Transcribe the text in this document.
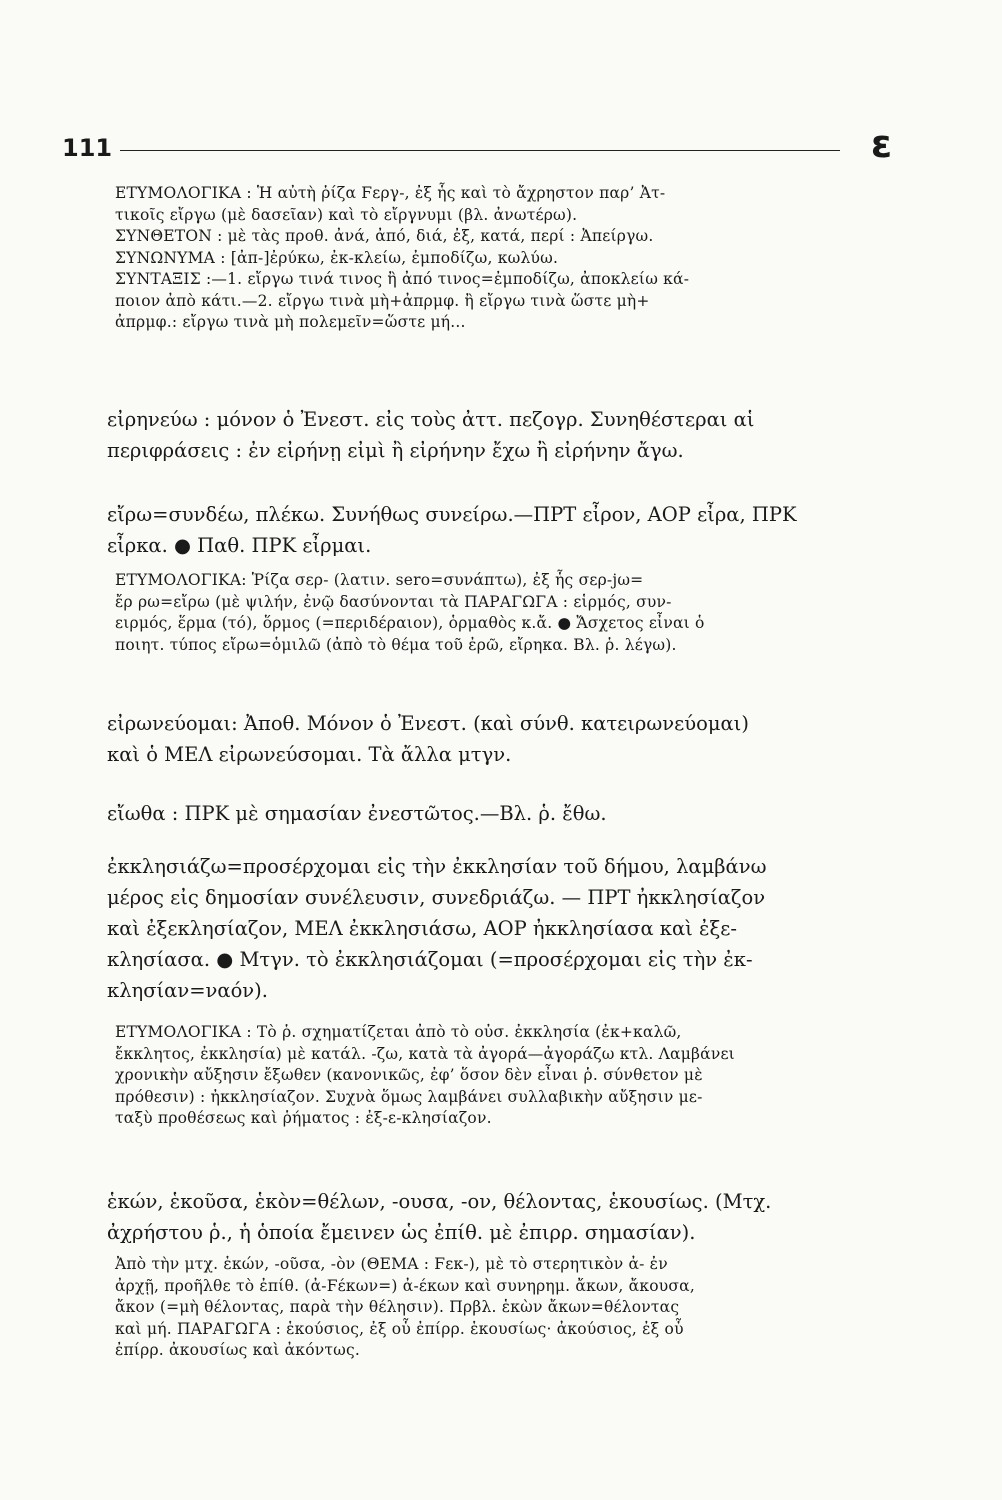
111	ε
ΕΤΥΜΟΛΟΓΙΚΑ : Ἡ αὐτὴ ῥίζα Ϝεργ-, ἐξ ἧς καὶ τὸ ἄχρηστον παρ’ Ἀτ-
τικοῖς εἴργω (μὲ δασεῖαν) καὶ τὸ εἴργνυμι (βλ. ἀνωτέρω).
ΣΥΝΘΕΤΟΝ : μὲ τὰς προθ. ἀνά, ἀπό, διά, ἐξ, κατά, περί : Ἀπείργω.
ΣΥΝΩΝΥΜΑ : [ἀπ-]ἐρύκω, ἐκ-κλείω, ἐμποδίζω, κωλύω.
ΣΥΝΤΑΞΙΣ :—1. εἴργω τινά τινος ἢ ἀπό τινος=ἐμποδίζω, ἀποκλείω κά-
ποιον ἀπὸ κάτι.—2. εἴργω τινὰ μὴ+ἀπρμφ. ἢ εἴργω τινὰ ὥστε μὴ+
ἀπρμφ.: εἴργω τινὰ μὴ πολεμεῖν=ὥστε μή...
εἰρηνεύω : μόνον ὁ Ἐνεστ. εἰς τοὺς ἀττ. πεζογρ. Συνηθέστεραι αἱ
περιφράσεις : ἐν εἰρήνῃ εἰμὶ ἢ εἰρήνην ἔχω ἢ εἰρήνην ἄγω.
εἴρω=συνδέω, πλέκω. Συνήθως συνείρω.—ΠΡΤ εἶρον, ΑΟΡ εἶρα, ΠΡΚ
εἶρκα. ● Παθ. ΠΡΚ εἶρμαι.
ΕΤΥΜΟΛΟΓΙΚΑ: Ῥίζα σερ- (λατιν. sero=συνάπτω), ἐξ ἧς σερ-ϳω=
ἔρ ρω=εἴρω (μὲ ψιλήν, ἐνῷ δασύνονται τὰ ΠΑΡΑΓΩΓΑ : εἱρμός, συν-
ειρμός, ἕρμα (τό), ὅρμος (=περιδέραιον), ὁρμαθὸς κ.ἄ. ● Ἄσχετος εἶναι ὁ
ποιητ. τύπος εἴρω=ὁμιλῶ (ἀπὸ τὸ θέμα τοῦ ἐρῶ, εἴρηκα. Βλ. ῥ. λέγω).
εἰρωνεύομαι: Ἀποθ. Μόνον ὁ Ἐνεστ. (καὶ σύνθ. κατειρωνεύομαι)
καὶ ὁ ΜΕΛ εἰρωνεύσομαι. Τὰ ἄλλα μτγν.
εἴωθα : ΠΡΚ μὲ σημασίαν ἐνεστῶτος.—Βλ. ῥ. ἔθω.
ἐκκλησιάζω=προσέρχομαι εἰς τὴν ἐκκλησίαν τοῦ δήμου, λαμβάνω
μέρος εἰς δημοσίαν συνέλευσιν, συνεδριάζω. — ΠΡΤ ἠκκλησίαζον
καὶ ἐξεκλησίαζον, ΜΕΛ ἐκκλησιάσω, ΑΟΡ ἠκκλησίασα καὶ ἐξε-
κλησίασα. ● Μτγν. τὸ ἐκκλησιάζομαι (=προσέρχομαι εἰς τὴν ἐκ-
κλησίαν=ναόν).
ΕΤΥΜΟΛΟΓΙΚΑ : Τὸ ῥ. σχηματίζεται ἀπὸ τὸ οὐσ. ἐκκλησία (ἐκ+καλῶ,
ἔκκλητος, ἐκκλησία) μὲ κατάλ. -ζω, κατὰ τὰ ἀγορά—ἀγοράζω κτλ. Λαμβάνει
χρονικὴν αὔξησιν ἔξωθεν (κανονικῶς, ἐφ’ ὅσον δὲν εἶναι ῥ. σύνθετον μὲ
πρόθεσιν) : ἠκκλησίαζον. Συχνὰ ὅμως λαμβάνει συλλαβικὴν αὔξησιν με-
ταξὺ προθέσεως καὶ ῥήματος : ἐξ-ε-κλησίαζον.
ἑκών, ἑκοῦσα, ἑκὸν=θέλων, -ουσα, -ον, θέλοντας, ἑκουσίως. (Μτχ.
ἀχρήστου ῥ., ἡ ὁποία ἔμεινεν ὡς ἐπίθ. μὲ ἐπιρρ. σημασίαν).
Ἀπὸ τὴν μτχ. ἑκών, -οῦσα, -ὸν (ΘΕΜΑ : Ϝεκ-), μὲ τὸ στερητικὸν ἀ- ἐν
ἀρχῇ, προῆλθε τὸ ἐπίθ. (ἀ-Ϝέκων=) ἀ-έκων καὶ συνηρημ. ἄκων, ἄκουσα,
ἄκον (=μὴ θέλοντας, παρὰ τὴν θέλησιν). Πρβλ. ἑκὼν ἄκων=θέλοντας
καὶ μή. ΠΑΡΑΓΩΓΑ : ἑκούσιος, ἐξ οὗ ἐπίρρ. ἑκουσίως· ἀκούσιος, ἐξ οὗ
ἐπίρρ. ἀκουσίως καὶ ἀκόντως.
